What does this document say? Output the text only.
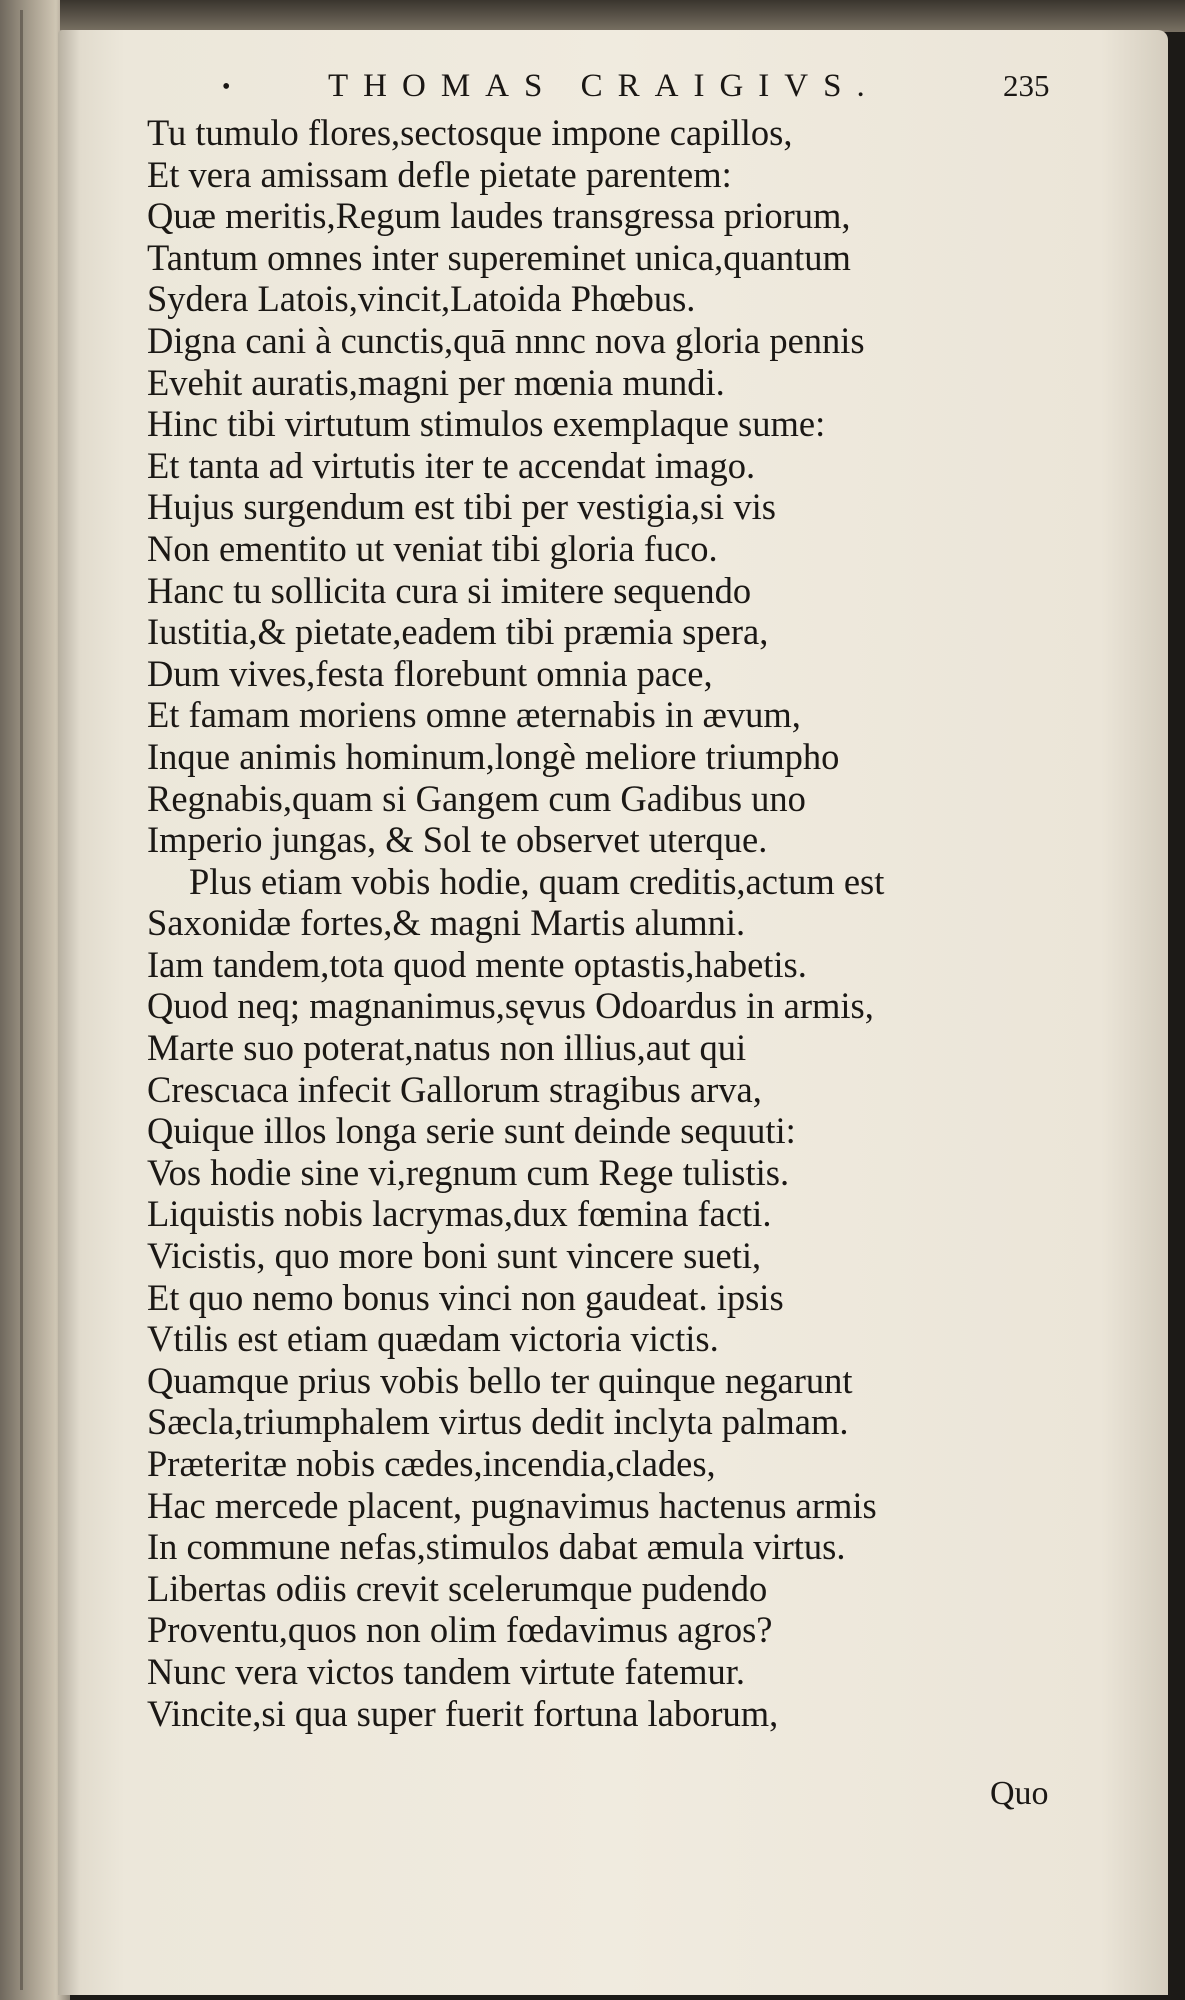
•	THOMAS CRAIGIVS.	235
Tu tumulo flores,sectosque impone capillos,
Et vera amissam defle pietate parentem:
Quæ meritis,Regum laudes transgressa priorum,
Tantum omnes inter supereminet unica,quantum
Sydera Latois,vincit,Latoida Phœbus.
Digna cani à cunctis,quā nnnc nova gloria pennis
Evehit auratis,magni per mœnia mundi.
Hinc tibi virtutum stimulos exemplaque sume:
Et tanta ad virtutis iter te accendat imago.
Hujus surgendum est tibi per vestigia,si vis
Non ementito ut veniat tibi gloria fuco.
Hanc tu sollicita cura si imitere sequendo
Iustitia,& pietate,eadem tibi præmia spera,
Dum vives,festa florebunt omnia pace,
Et famam moriens omne æternabis in ævum,
Inque animis hominum,longè meliore triumpho
Regnabis,quam si Gangem cum Gadibus uno
Imperio jungas, & Sol te observet uterque.
Plus etiam vobis hodie, quam creditis,actum est
Saxonidæ fortes,& magni Martis alumni.
Iam tandem,tota quod mente optastis,habetis.
Quod neq; magnanimus,sęvus Odoardus in armis,
Marte suo poterat,natus non illius,aut qui
Crescιaca infecit Gallorum stragibus arva,
Quique illos longa serie sunt deinde sequuti:
Vos hodie sine vi,regnum cum Rege tulistis.
Liquistis nobis lacrymas,dux fœmina facti.
Vicistis, quo more boni sunt vincere sueti,
Et quo nemo bonus vinci non gaudeat. ipsis
Vtilis est etiam quædam victoria victis.
Quamque prius vobis bello ter quinque negarunt
Sæcla,triumphalem virtus dedit inclyta palmam.
Præteritæ nobis cædes,incendia,clades,
Hac mercede placent, pugnavimus hactenus armis
In commune nefas,stimulos dabat æmula virtus.
Libertas odiis crevit scelerumque pudendo
Proventu,quos non olim fœdavimus agros?
Nunc vera victos tandem virtute fatemur.
Vincite,si qua super fuerit fortuna laborum,
Quo
